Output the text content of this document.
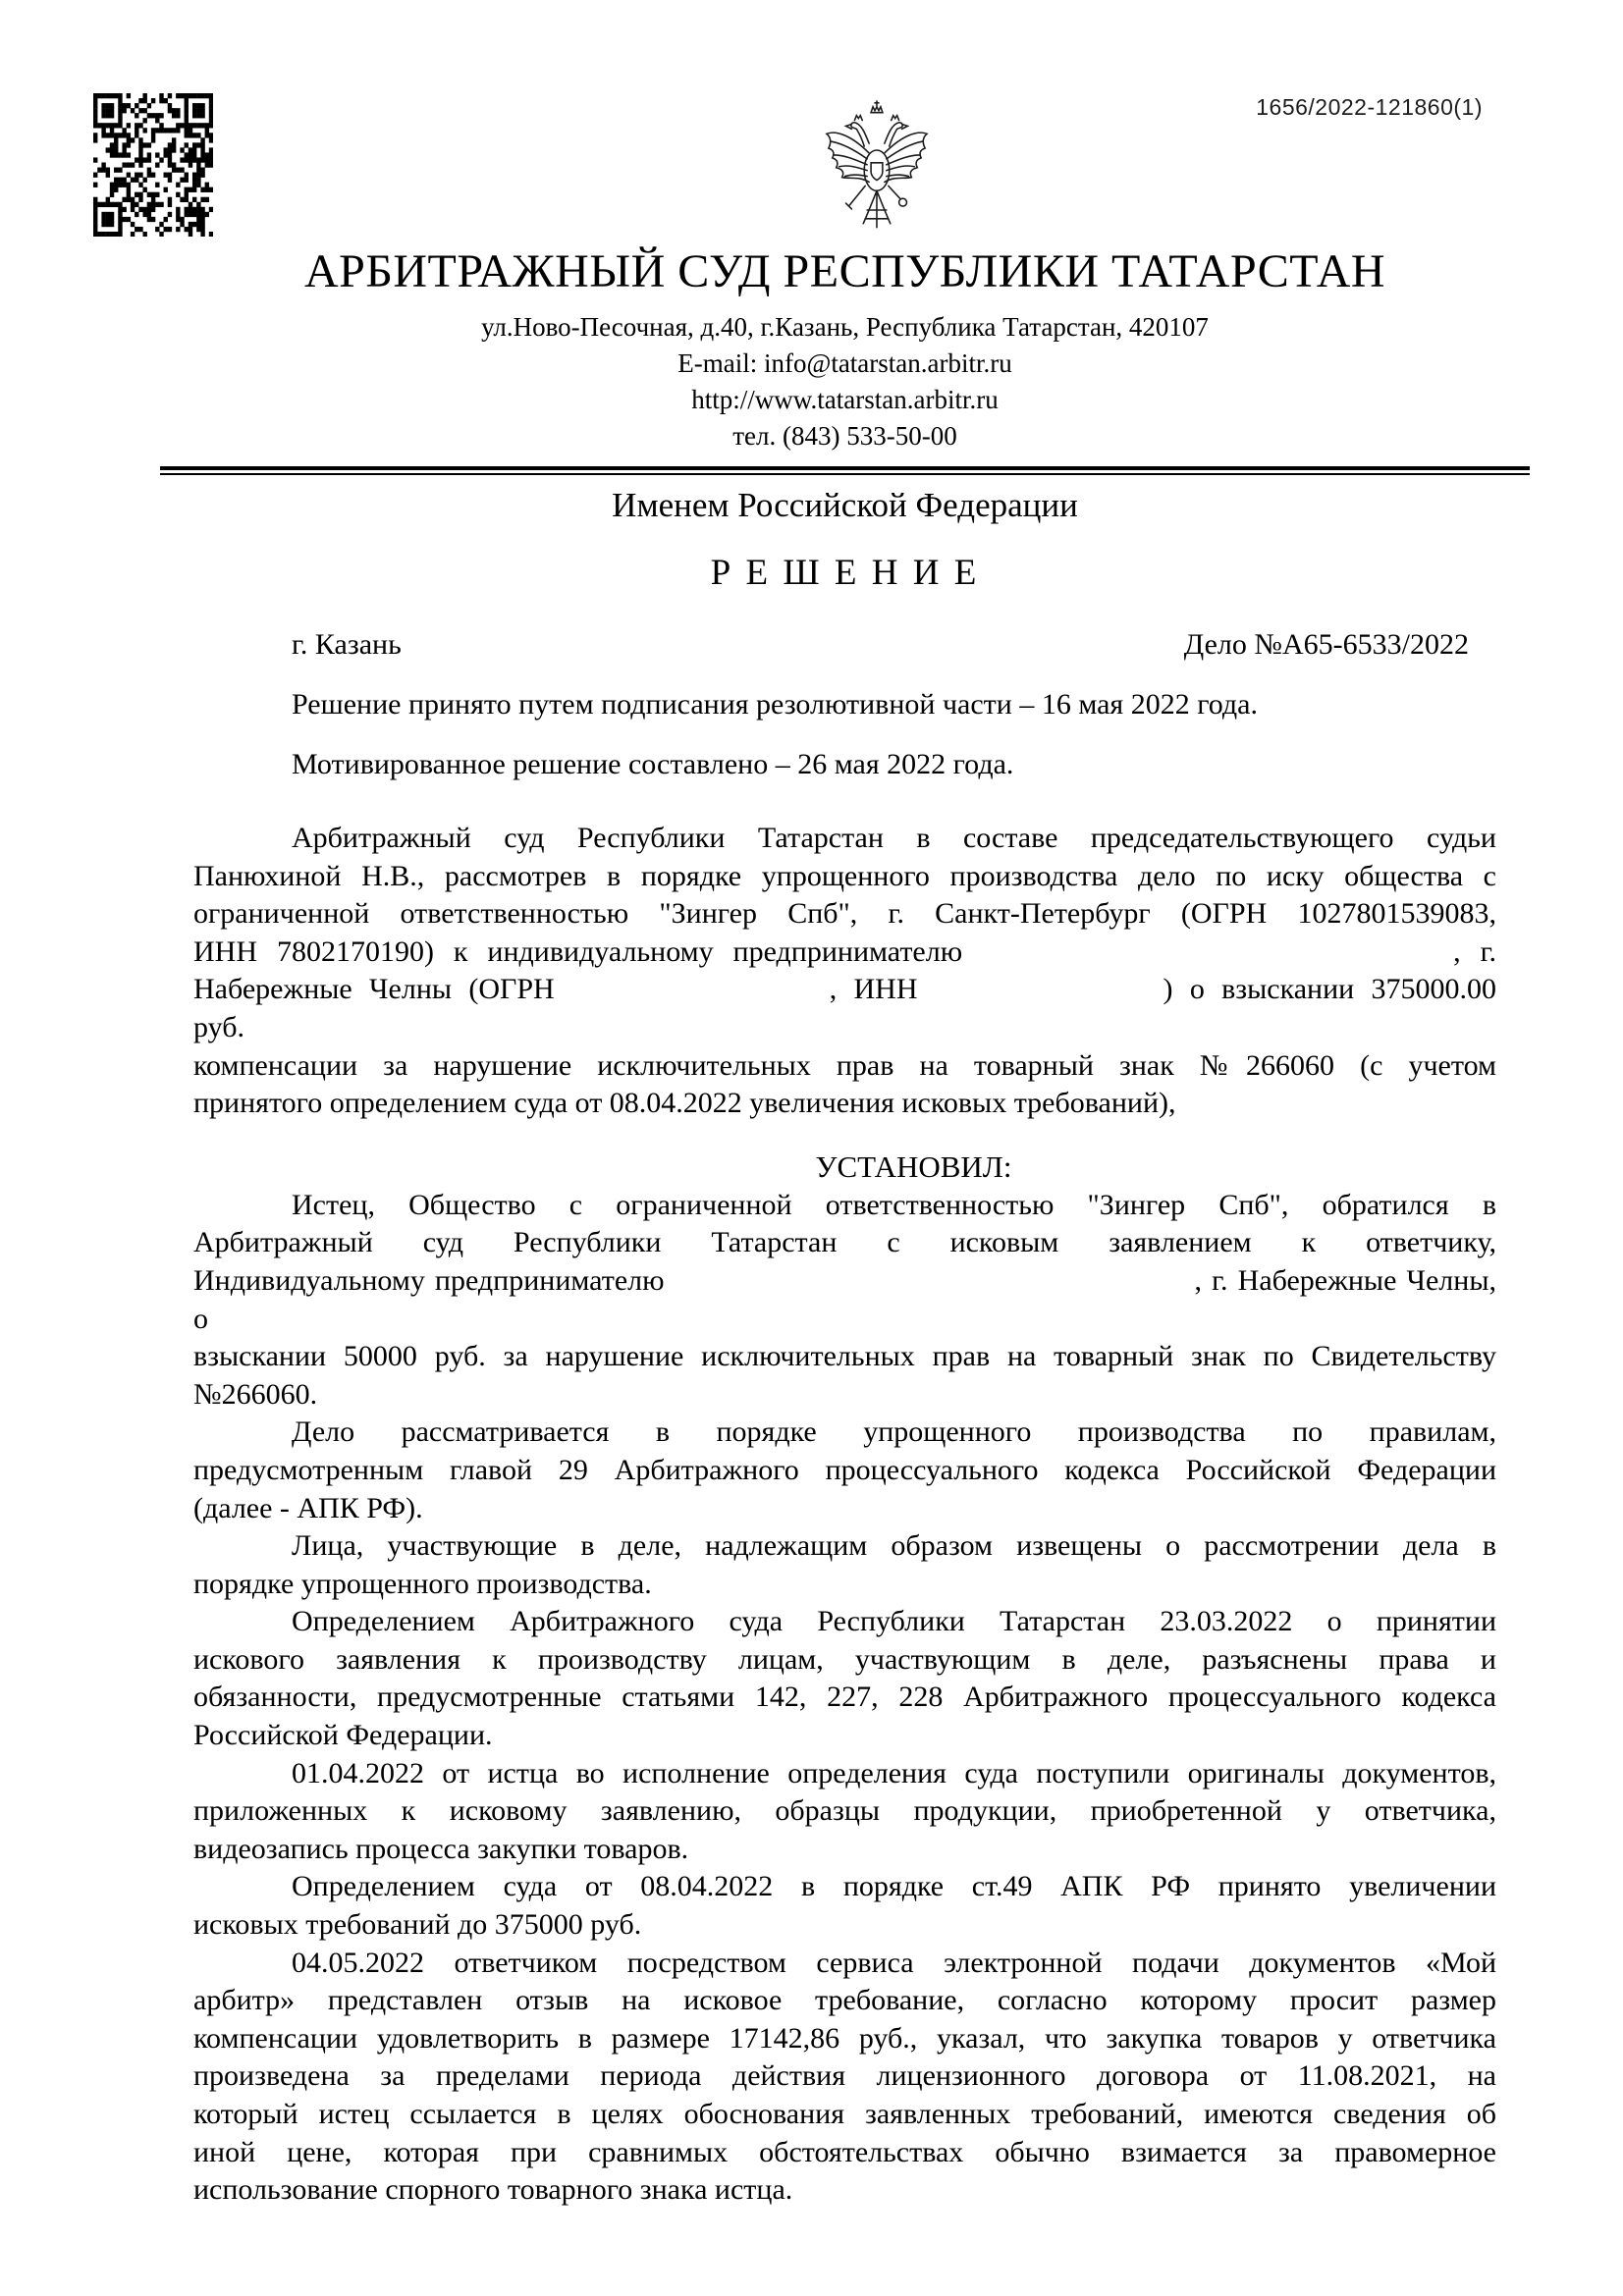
1656/2022-121860(1)
АРБИТРАЖНЫЙ СУД РЕСПУБЛИКИ ТАТАРСТАН
ул.Ново-Песочная, д.40, г.Казань, Республика Татарстан, 420107
E-mail: info@tatarstan.arbitr.ru
http://www.tatarstan.arbitr.ru
тел. (843) 533-50-00
Именем Российской Федерации
Р Е Ш Е Н И Е
г. Казань	Дело №А65-6533/2022
Решение принято путем подписания резолютивной части – 16 мая 2022 года.
Мотивированное решение составлено – 26 мая 2022 года.
Арбитражный суд Республики Татарстан в составе председательствующего судьи
Панюхиной Н.В., рассмотрев в порядке упрощенного производства дело по иску общества с
ограниченной ответственностью "Зингер Спб", г. Санкт-Петербург (ОГРН 1027801539083,
ИНН 7802170190) к индивидуальному предпринимателю	, г.
Набережные Челны (ОГРН	, ИНН	) о взыскании 375000.00 руб.
компенсации за нарушение исключительных прав на товарный знак №266060 (с учетом
принятого определением суда от 08.04.2022 увеличения исковых требований),
УСТАНОВИЛ:
Истец, Общество с ограниченной ответственностью "Зингер Спб", обратился в
Арбитражный суд Республики Татарстан с исковым заявлением к ответчику,
Индивидуальному предпринимателю	, г. Набережные Челны, о
взыскании 50000 руб. за нарушение исключительных прав на товарный знак по Свидетельству
№266060.
Дело рассматривается в порядке упрощенного производства по правилам,
предусмотренным главой 29 Арбитражного процессуального кодекса Российской Федерации
(далее - АПК РФ).
Лица, участвующие в деле, надлежащим образом извещены о рассмотрении дела в
порядке упрощенного производства.
Определением Арбитражного суда Республики Татарстан 23.03.2022 о принятии
искового заявления к производству лицам, участвующим в деле, разъяснены права и
обязанности, предусмотренные статьями 142, 227, 228 Арбитражного процессуального кодекса
Российской Федерации.
01.04.2022 от истца во исполнение определения суда поступили оригиналы документов,
приложенных к исковому заявлению, образцы продукции, приобретенной у ответчика,
видеозапись процесса закупки товаров.
Определением суда от 08.04.2022 в порядке ст.49 АПК РФ принято увеличении
исковых требований до 375000 руб.
04.05.2022 ответчиком посредством сервиса электронной подачи документов «Мой
арбитр» представлен отзыв на исковое требование, согласно которому просит размер
компенсации удовлетворить в размере 17142,86 руб., указал, что закупка товаров у ответчика
произведена за пределами периода действия лицензионного договора от 11.08.2021, на
который истец ссылается в целях обоснования заявленных требований, имеются сведения об
иной цене, которая при сравнимых обстоятельствах обычно взимается за правомерное
использование спорного товарного знака истца.
